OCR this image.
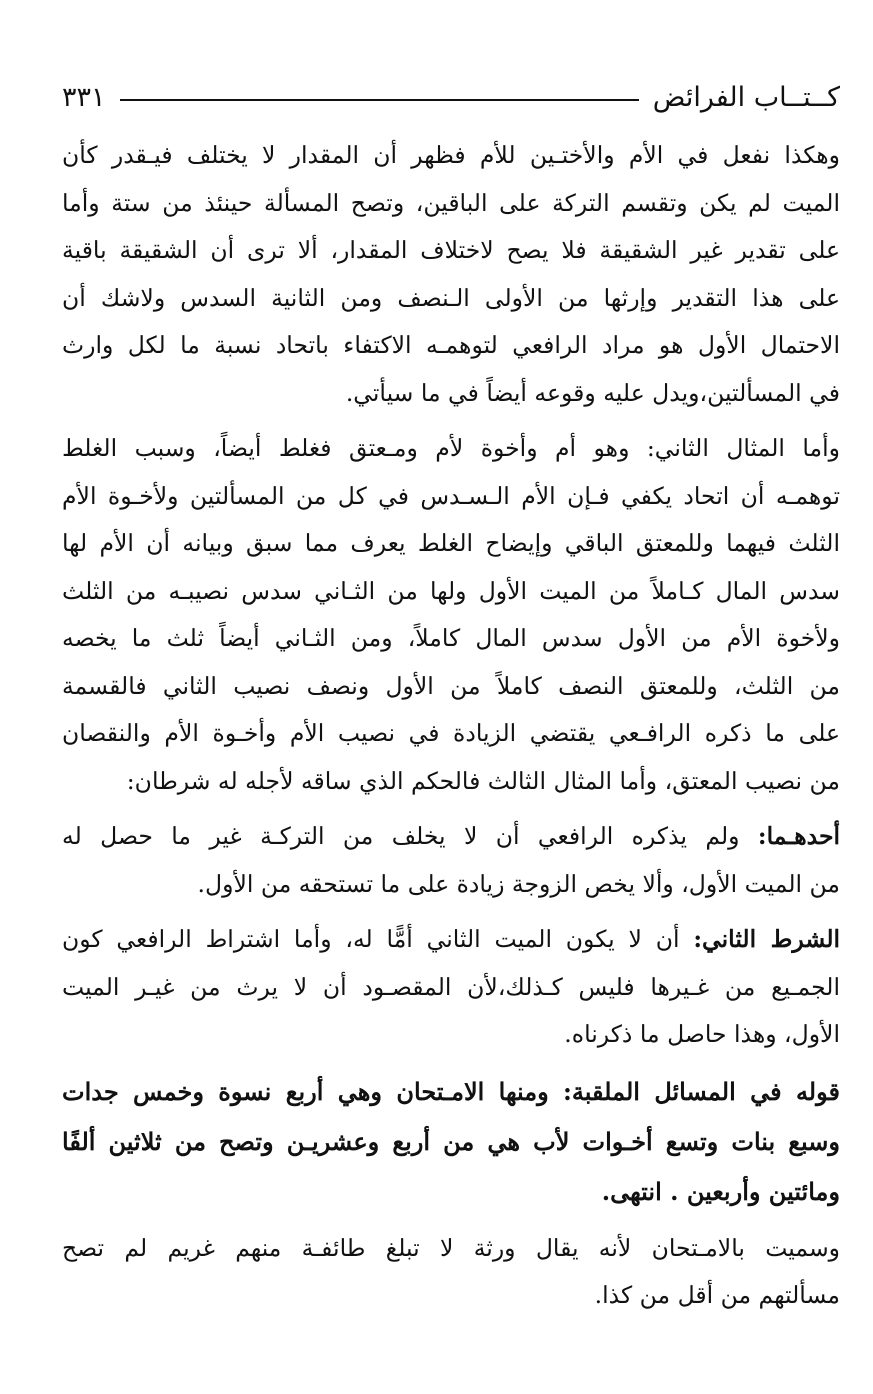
كــتــاب الفرائض
٣٣١
وهكذا نفعل في الأم والأختـين للأم فظهر أن المقدار لا يختلف فيـقدر كأن
الميت لم يكن وتقسم التركة على الباقين، وتصح المسألة حينئذ من ستة وأما
على تقدير غير الشقيقة فلا يصح لاختلاف المقدار، ألا ترى أن الشقيقة باقية
على هذا التقدير وإرثها من الأولى الـنصف ومن الثانية السدس ولاشك أن
الاحتمال الأول هو مراد الرافعي لتوهمـه الاكتفاء باتحاد نسبة ما لكل وارث
في المسألتين،ويدل عليه وقوعه أيضاً في ما سيأتي.
وأما المثال الثاني: وهو أم وأخوة لأم ومـعتق فغلط أيضاً، وسبب الغلط
توهمـه أن اتحاد يكفي فـإن الأم الـسـدس في كل من المسألتين ولأخـوة الأم
الثلث فيهما وللمعتق الباقي وإيضاح الغلط يعرف مما سبق وبيانه أن الأم لها
سدس المال كـاملاً من الميت الأول ولها من الثـاني سدس نصيبـه من الثلث
ولأخوة الأم من الأول سدس المال كاملاً، ومن الثـاني أيضاً ثلث ما يخصه
من الثلث، وللمعتق النصف كاملاً من الأول ونصف نصيب الثاني فالقسمة
على ما ذكره الرافـعي يقتضي الزيادة في نصيب الأم وأخـوة الأم والنقصان
من نصيب المعتق، وأما المثال الثالث فالحكم الذي ساقه لأجله له شرطان:
أحدهـما: ولم يذكره الرافعي أن لا يخلف من التركـة غير ما حصل له
من الميت الأول، وألا يخص الزوجة زيادة على ما تستحقه من الأول.
الشرط الثاني: أن لا يكون الميت الثاني أمًّا له، وأما اشتراط الرافعي كون
الجمـيع من غـيرها فليس كـذلك،لأن المقصـود أن لا يرث من غيـر الميت
الأول، وهذا حاصل ما ذكرناه.
قوله في المسائل الملقبة: ومنها الامـتحان وهي أربع نسوة وخمس جدات
وسبع بنات وتسع أخـوات لأب هي من أربع وعشريـن وتصح من ثلاثين ألفًا
ومائتين وأربعين . انتهى.
وسميت بالامـتحان لأنه يقال ورثة لا تبلغ طائفـة منهم غريم لم تصح
مسألتهم من أقل من كذا.
